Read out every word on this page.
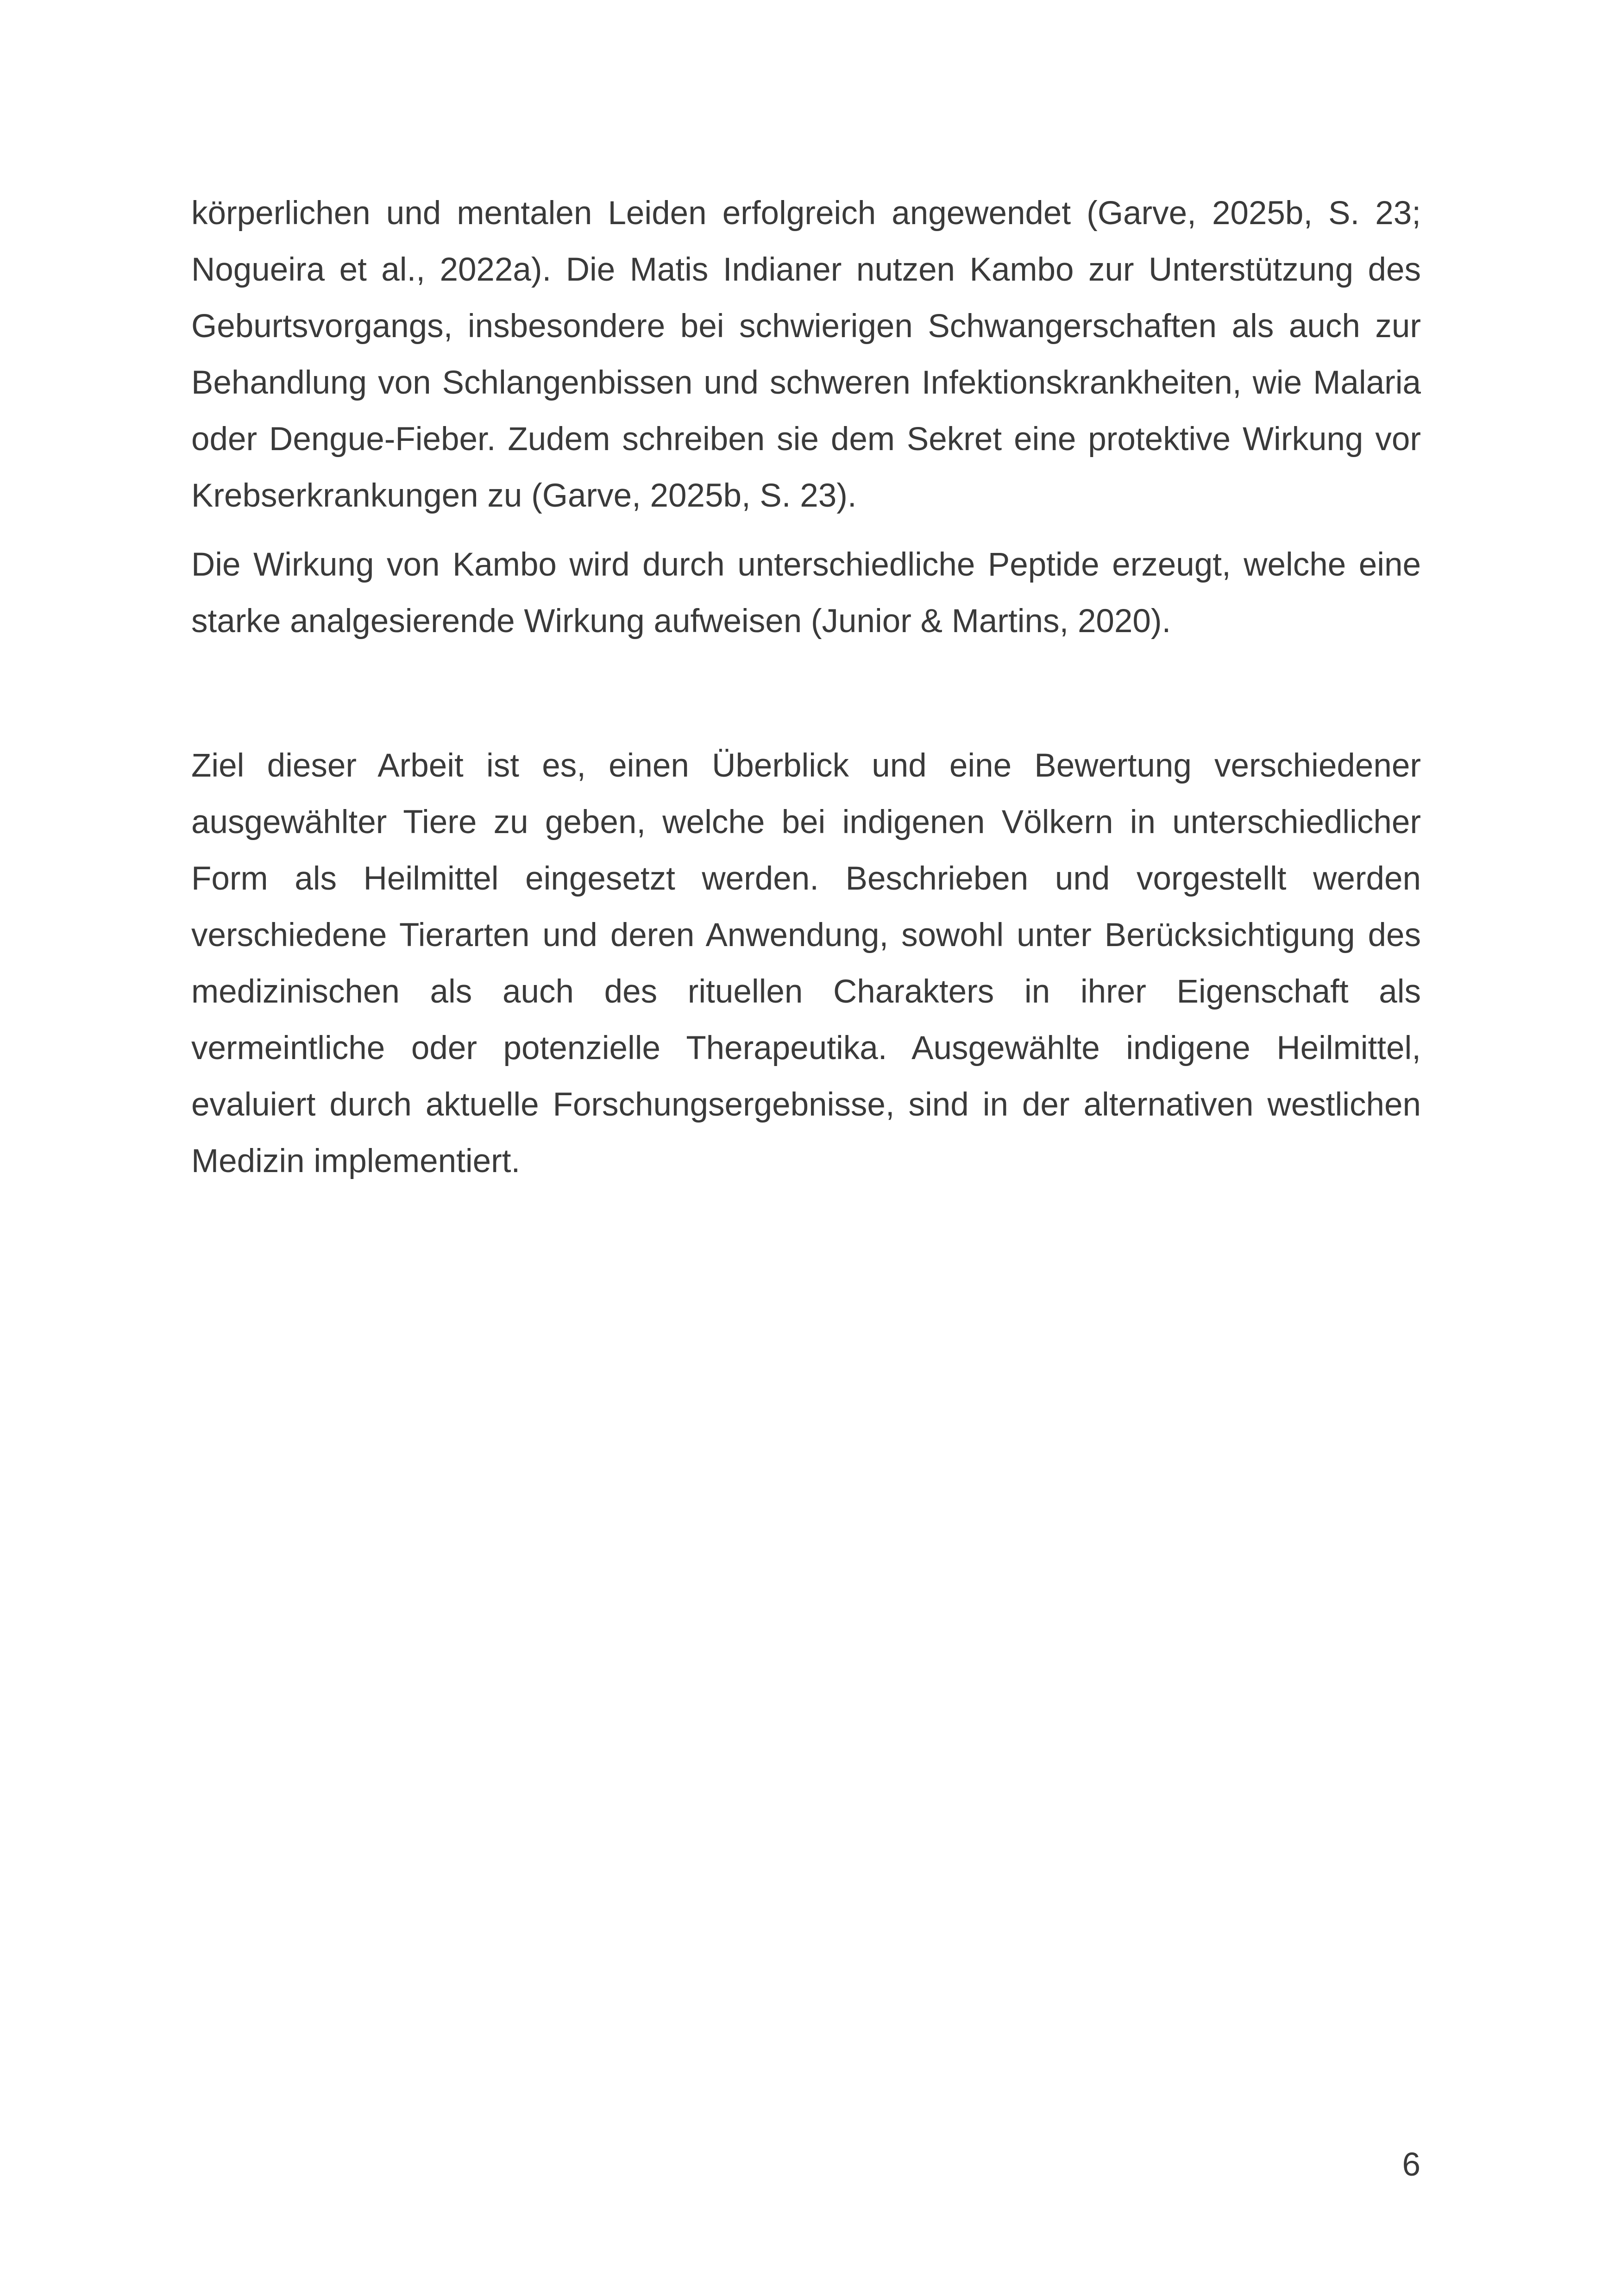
körperlichen und mentalen Leiden erfolgreich angewendet (Garve, 2025b, S. 23; Nogueira et al., 2022a). Die Matis Indianer nutzen Kambo zur Unterstützung des Geburtsvorgangs, insbesondere bei schwierigen Schwangerschaften als auch zur Behandlung von Schlangenbissen und schweren Infektionskrankheiten, wie Malaria oder Dengue-Fieber. Zudem schreiben sie dem Sekret eine protektive Wirkung vor Krebserkrankungen zu (Garve, 2025b, S. 23).

Die Wirkung von Kambo wird durch unterschiedliche Peptide erzeugt, welche eine starke analgesierende Wirkung aufweisen (Junior & Martins, 2020).

Ziel dieser Arbeit ist es, einen Überblick und eine Bewertung verschiedener ausgewählter Tiere zu geben, welche bei indigenen Völkern in unterschiedlicher Form als Heilmittel eingesetzt werden. Beschrieben und vorgestellt werden verschiedene Tierarten und deren Anwendung, sowohl unter Berücksichtigung des medizinischen als auch des rituellen Charakters in ihrer Eigenschaft als vermeintliche oder potenzielle Therapeutika. Ausgewählte indigene Heilmittel, evaluiert durch aktuelle Forschungsergebnisse, sind in der alternativen westlichen Medizin implementiert.

6
